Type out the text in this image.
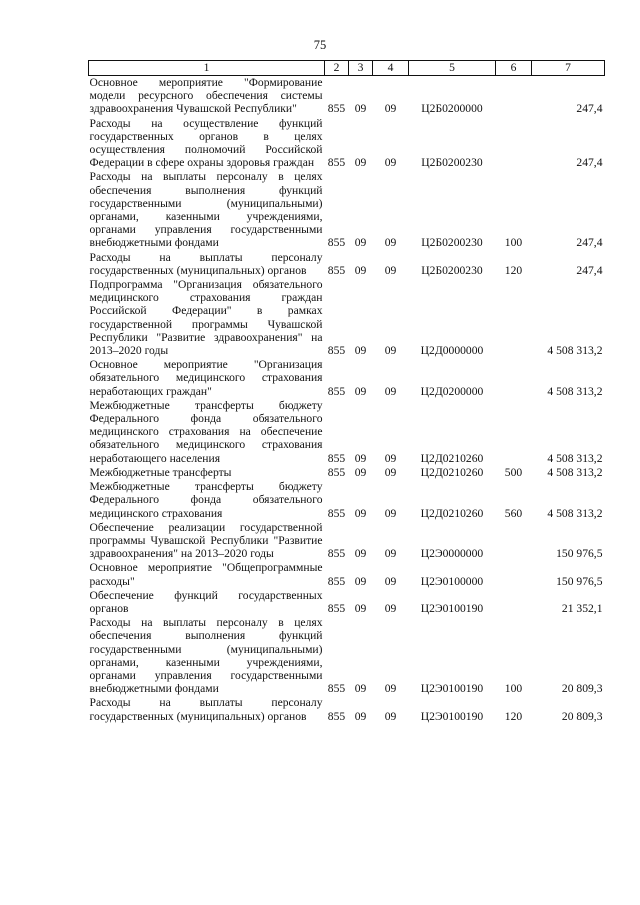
75
1	2	3	4	5	6	7
Основное мероприятие "Формирование модели ресурсного обеспечения системы здравоохранения Чувашской Республики"	855	09	09	Ц2Б0200000		247,4
Расходы на осуществление функций государственных органов в целях осуществления полномочий Российской Федерации в сфере охраны здоровья граждан	855	09	09	Ц2Б0200230		247,4
Расходы на выплаты персоналу в целях обеспечения выполнения функций государственными (муниципальными) органами, казенными учреждениями, органами управления государственными внебюджетными фондами	855	09	09	Ц2Б0200230	100	247,4
Расходы на выплаты персоналу государственных (муниципальных) органов	855	09	09	Ц2Б0200230	120	247,4
Подпрограмма "Организация обязательного медицинского страхования граждан Российской Федерации" в рамках государственной программы Чувашской Республики "Развитие здравоохранения" на 2013–2020 годы	855	09	09	Ц2Д0000000		4 508 313,2
Основное мероприятие "Организация обязательного медицинского страхования неработающих граждан"	855	09	09	Ц2Д0200000		4 508 313,2
Межбюджетные трансферты бюджету Федерального фонда обязательного медицинского страхования на обеспечение обязательного медицинского страхования неработающего населения	855	09	09	Ц2Д0210260		4 508 313,2
Межбюджетные трансферты	855	09	09	Ц2Д0210260	500	4 508 313,2
Межбюджетные трансферты бюджету Федерального фонда обязательного медицинского страхования	855	09	09	Ц2Д0210260	560	4 508 313,2
Обеспечение реализации государственной программы Чувашской Республики "Развитие здравоохранения" на 2013–2020 годы	855	09	09	Ц2Э0000000		150 976,5
Основное мероприятие "Общепрограммные расходы"	855	09	09	Ц2Э0100000		150 976,5
Обеспечение функций государственных органов	855	09	09	Ц2Э0100190		21 352,1
Расходы на выплаты персоналу в целях обеспечения выполнения функций государственными (муниципальными) органами, казенными учреждениями, органами управления государственными внебюджетными фондами	855	09	09	Ц2Э0100190	100	20 809,3
Расходы на выплаты персоналу государственных (муниципальных) органов	855	09	09	Ц2Э0100190	120	20 809,3
